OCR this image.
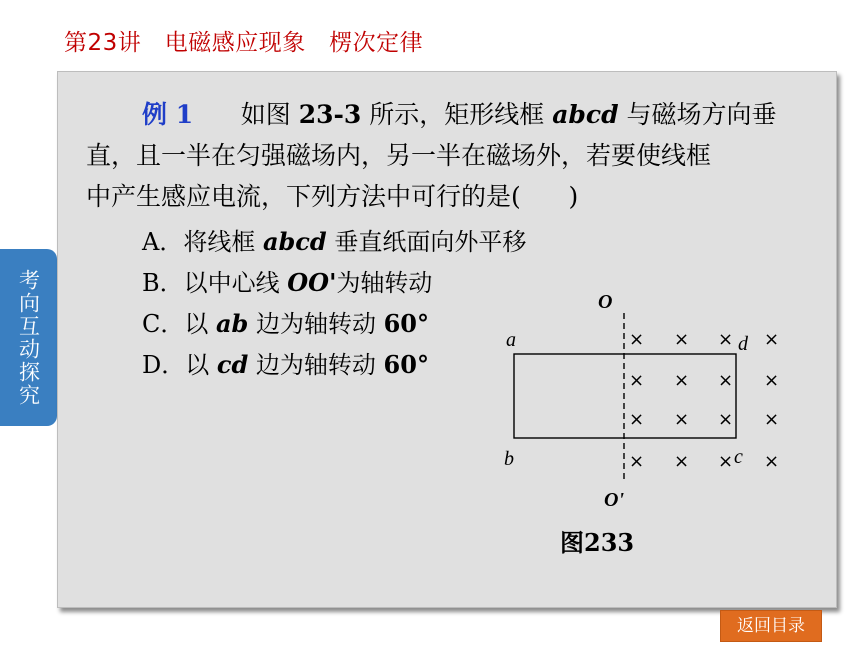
第23讲   电磁感应现象   楞次定律
考向互动探究
例 1 如图 23-3 所示，矩形线框 abcd 与磁场方向垂
直，且一半在匀强磁场内，另一半在磁场外，若要使线框
中产生感应电流，下列方法中可行的是(      )
A．将线框 abcd 垂直纸面向外平移
B．以中心线 OO'为轴转动
C．以 ab 边为轴转动 60°
D．以 cd 边为轴转动 60°
O
a	d
b	c
O'
× × × ×
× × × ×
× × × ×
× × × ×
图233
返回目录
